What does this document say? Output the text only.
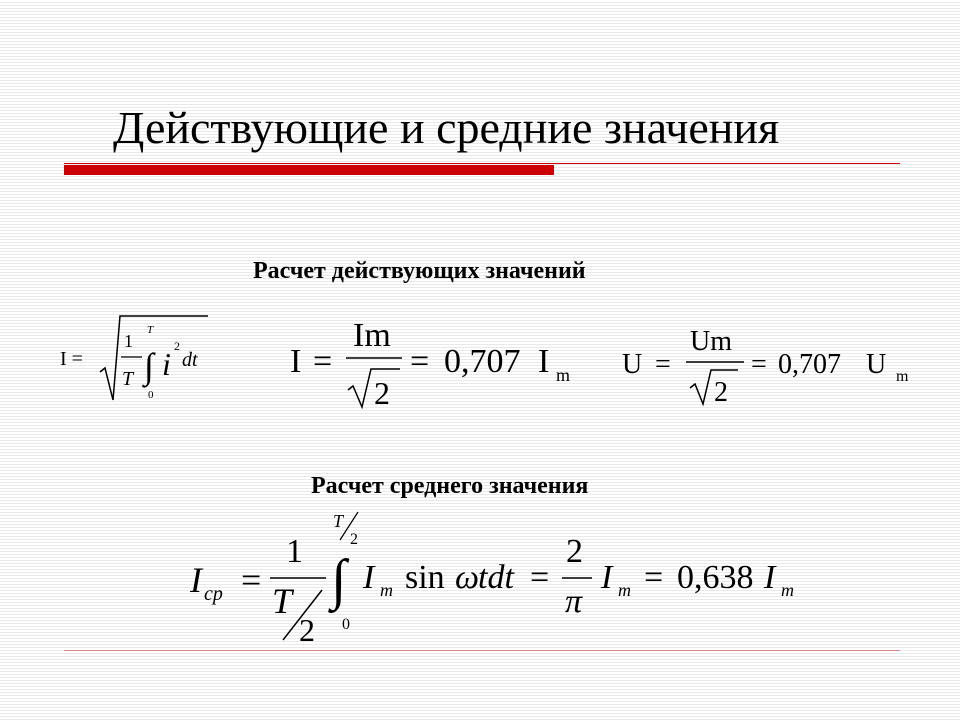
Действующие и средние значения
Расчет действующих значений
Расчет среднего значения
I =
1
T ∫
T
0
i 2
dt	I =
Im
2
= 0,707 I m U =
Um
2
= 0,707 U m
I ср =
1
T
2
∫
T
2
0
I m sin ω
tdt =
2
π
I m = 0,638 I m
